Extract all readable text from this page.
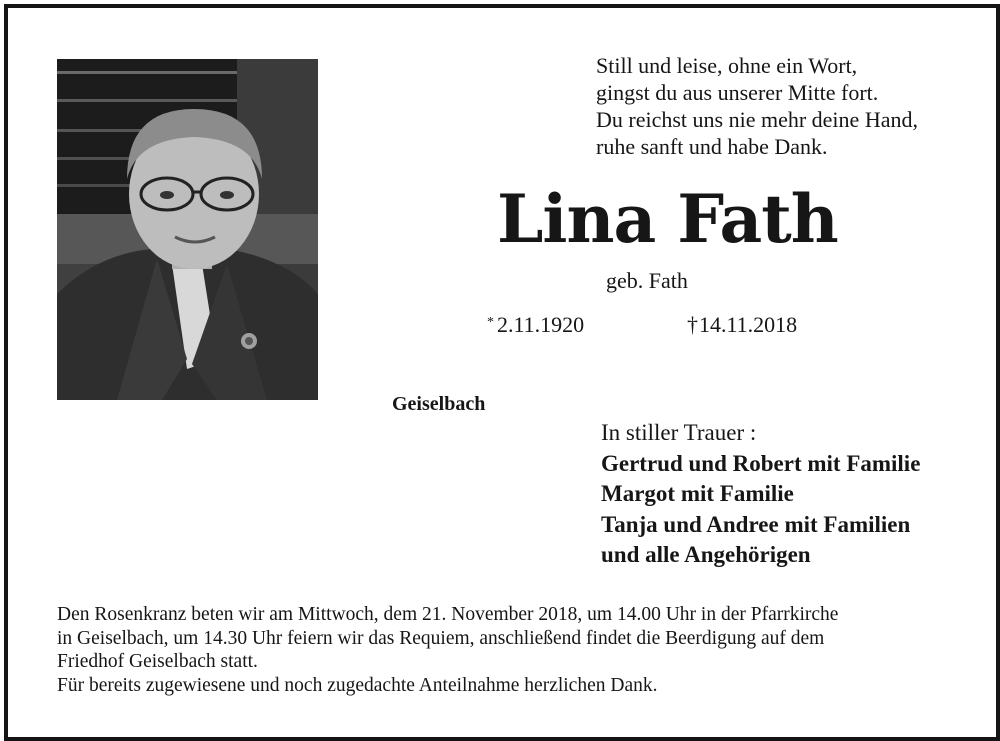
Still und leise, ohne ein Wort,
gingst du aus unserer Mitte fort.
Du reichst uns nie mehr deine Hand,
ruhe sanft und habe Dank.
Lina Fath
geb. Fath
* 2.11.1920	†14.11.2018
Geiselbach
In stiller Trauer :
Gertrud und Robert mit Familie
Margot mit Familie
Tanja und Andree mit Familien
und alle Angehörigen
Den Rosenkranz beten wir am Mittwoch, dem 21. November 2018, um 14.00 Uhr in der Pfarrkirche
in Geiselbach, um 14.30 Uhr feiern wir das Requiem, anschließend findet die Beerdigung auf dem
Friedhof Geiselbach statt.
Für bereits zugewiesene und noch zugedachte Anteilnahme herzlichen Dank.
